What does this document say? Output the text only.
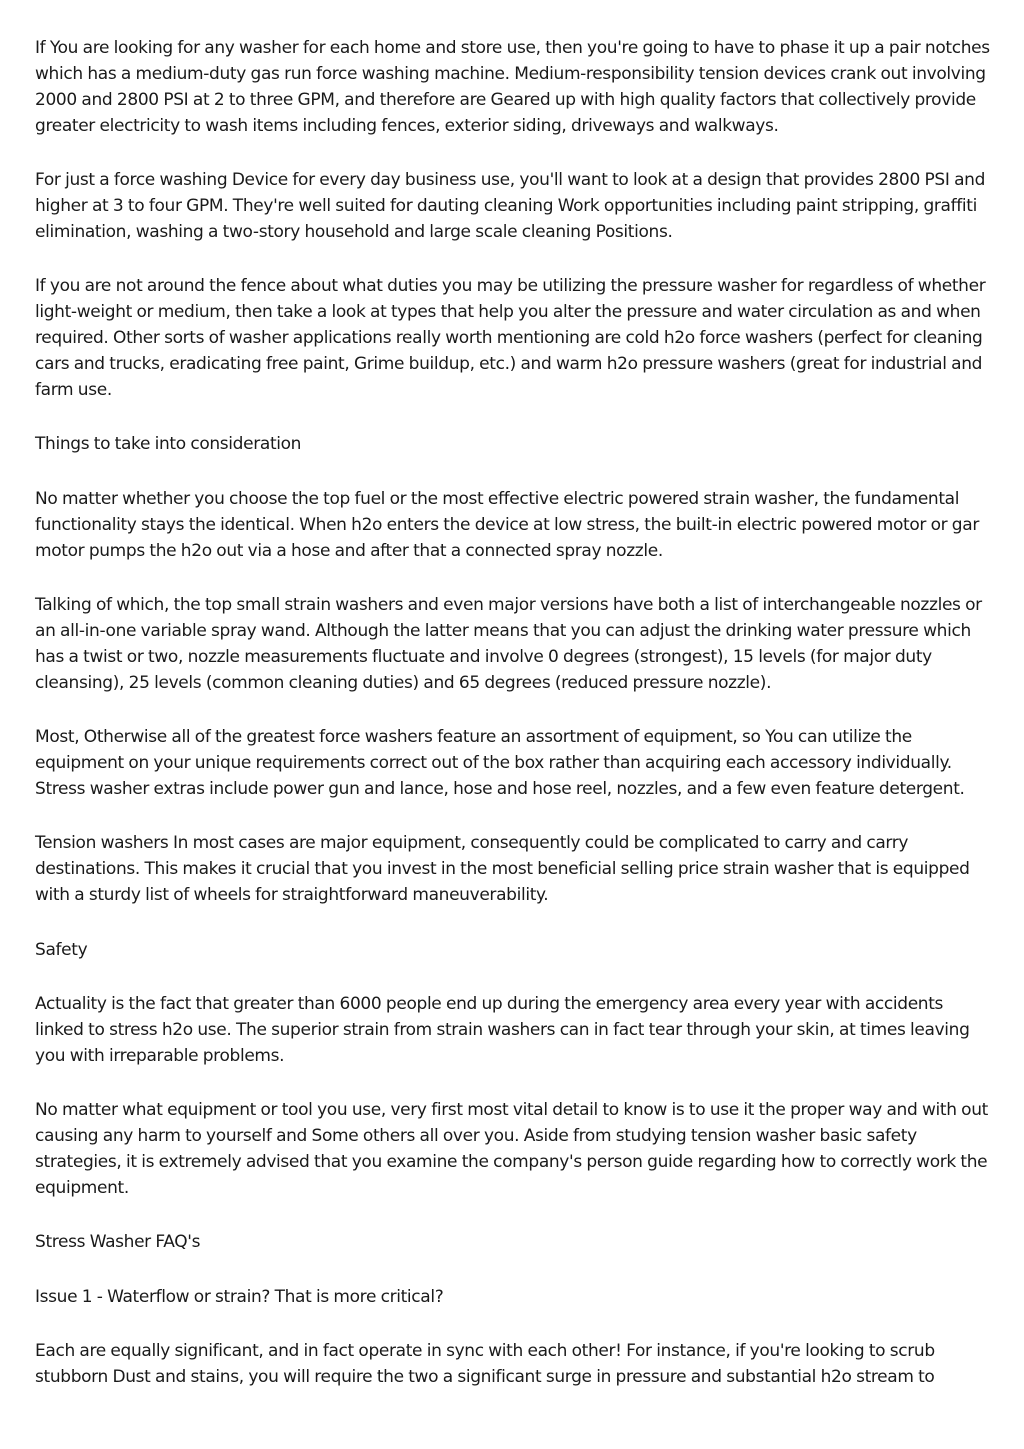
If You are looking for any washer for each home and store use, then you're going to have to phase it up a pair notches which has a medium-duty gas run force washing machine. Medium-responsibility tension devices crank out involving 2000 and 2800 PSI at 2 to three GPM, and therefore are Geared up with high quality factors that collectively provide greater electricity to wash items including fences, exterior siding, driveways and walkways.

For just a force washing Device for every day business use, you'll want to look at a design that provides 2800 PSI and higher at 3 to four GPM. They're well suited for dauting cleaning Work opportunities including paint stripping, graffiti elimination, washing a two-story household and large scale cleaning Positions.

If you are not around the fence about what duties you may be utilizing the pressure washer for regardless of whether light-weight or medium, then take a look at types that help you alter the pressure and water circulation as and when required. Other sorts of washer applications really worth mentioning are cold h2o force washers (perfect for cleaning cars and trucks, eradicating free paint, Grime buildup, etc.) and warm h2o pressure washers (great for industrial and farm use.

Things to take into consideration

No matter whether you choose the top fuel or the most effective electric powered strain washer, the fundamental functionality stays the identical. When h2o enters the device at low stress, the built-in electric powered motor or gar motor pumps the h2o out via a hose and after that a connected spray nozzle.

Talking of which, the top small strain washers and even major versions have both a list of interchangeable nozzles or an all-in-one variable spray wand. Although the latter means that you can adjust the drinking water pressure which has a twist or two, nozzle measurements fluctuate and involve 0 degrees (strongest), 15 levels (for major duty cleansing), 25 levels (common cleaning duties) and 65 degrees (reduced pressure nozzle).

Most, Otherwise all of the greatest force washers feature an assortment of equipment, so You can utilize the equipment on your unique requirements correct out of the box rather than acquiring each accessory individually. Stress washer extras include power gun and lance, hose and hose reel, nozzles, and a few even feature detergent.

Tension washers In most cases are major equipment, consequently could be complicated to carry and carry destinations. This makes it crucial that you invest in the most beneficial selling price strain washer that is equipped with a sturdy list of wheels for straightforward maneuverability.

Safety

Actuality is the fact that greater than 6000 people end up during the emergency area every year with accidents linked to stress h2o use. The superior strain from strain washers can in fact tear through your skin, at times leaving you with irreparable problems.

No matter what equipment or tool you use, very first most vital detail to know is to use it the proper way and with out causing any harm to yourself and Some others all over you. Aside from studying tension washer basic safety strategies, it is extremely advised that you examine the company's person guide regarding how to correctly work the equipment.

Stress Washer FAQ's

Issue 1 - Waterflow or strain? That is more critical?

Each are equally significant, and in fact operate in sync with each other! For instance, if you're looking to scrub stubborn Dust and stains, you will require the two a significant surge in pressure and substantial h2o stream to
